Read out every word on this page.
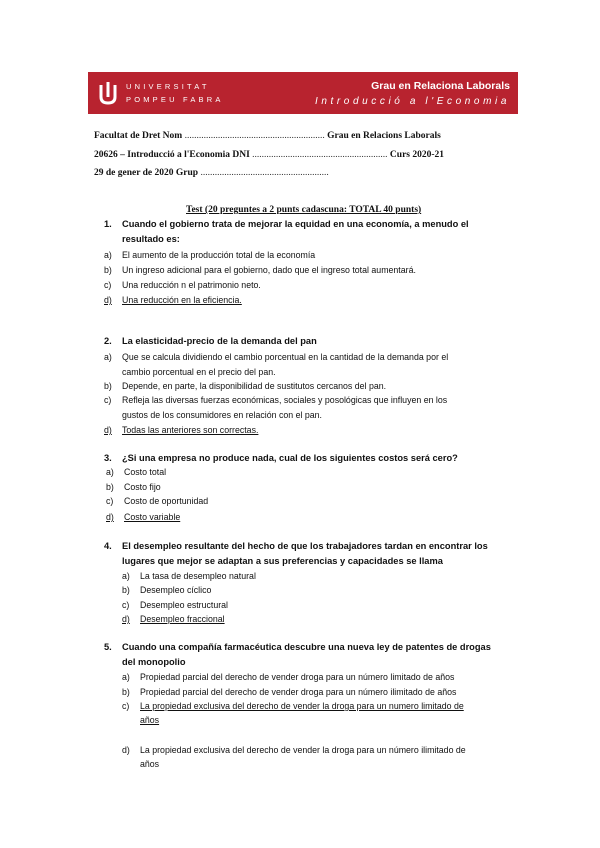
UNIVERSITAT
POMPEU FABRA
Grau en Relaciona Laborals
Introducció a l'Economia
Facultat de Dret Nom ........................................................... Grau en Relacions Laborals
20626 – Introducció a l'Economia DNI ......................................................... Curs 2020-21
29 de gener de 2020 Grup ......................................................
Test (20 preguntes a 2 punts cadascuna: TOTAL 40 punts)
1. Cuando el gobierno trata de mejorar la equidad en una economía, a menudo el
resultado es:
a) El aumento de la producción total de la economía
b) Un ingreso adicional para el gobierno, dado que el ingreso total aumentará.
c) Una reducción n el patrimonio neto.
d) Una reducción en la eficiencia.
2. La elasticidad-precio de la demanda del pan
a) Que se calcula dividiendo el cambio porcentual en la cantidad de la demanda por el
cambio porcentual en el precio del pan.
b) Depende, en parte, la disponibilidad de sustitutos cercanos del pan.
c) Refleja las diversas fuerzas económicas, sociales y posológicas que influyen en los
gustos de los consumidores en relación con el pan.
d) Todas las anteriores son correctas.
3. ¿Si una empresa no produce nada, cual de los siguientes costos será cero?
a) Costo total
b) Costo fijo
c) Costo de oportunidad
d) Costo variable
4. El desempleo resultante del hecho de que los trabajadores tardan en encontrar los
lugares que mejor se adaptan a sus preferencias y capacidades se llama
a) La tasa de desempleo natural
b) Desempleo cíclico
c) Desempleo estructural
d) Desempleo fraccional
5. Cuando una compañía farmacéutica descubre una nueva ley de patentes de drogas
del monopolio
a) Propiedad parcial del derecho de vender droga para un número limitado de años
b) Propiedad parcial del derecho de vender droga para un número ilimitado de años
c) La propiedad exclusiva del derecho de vender la droga para un numero limitado de
años
d) La propiedad exclusiva del derecho de vender la droga para un número ilimitado de
años
